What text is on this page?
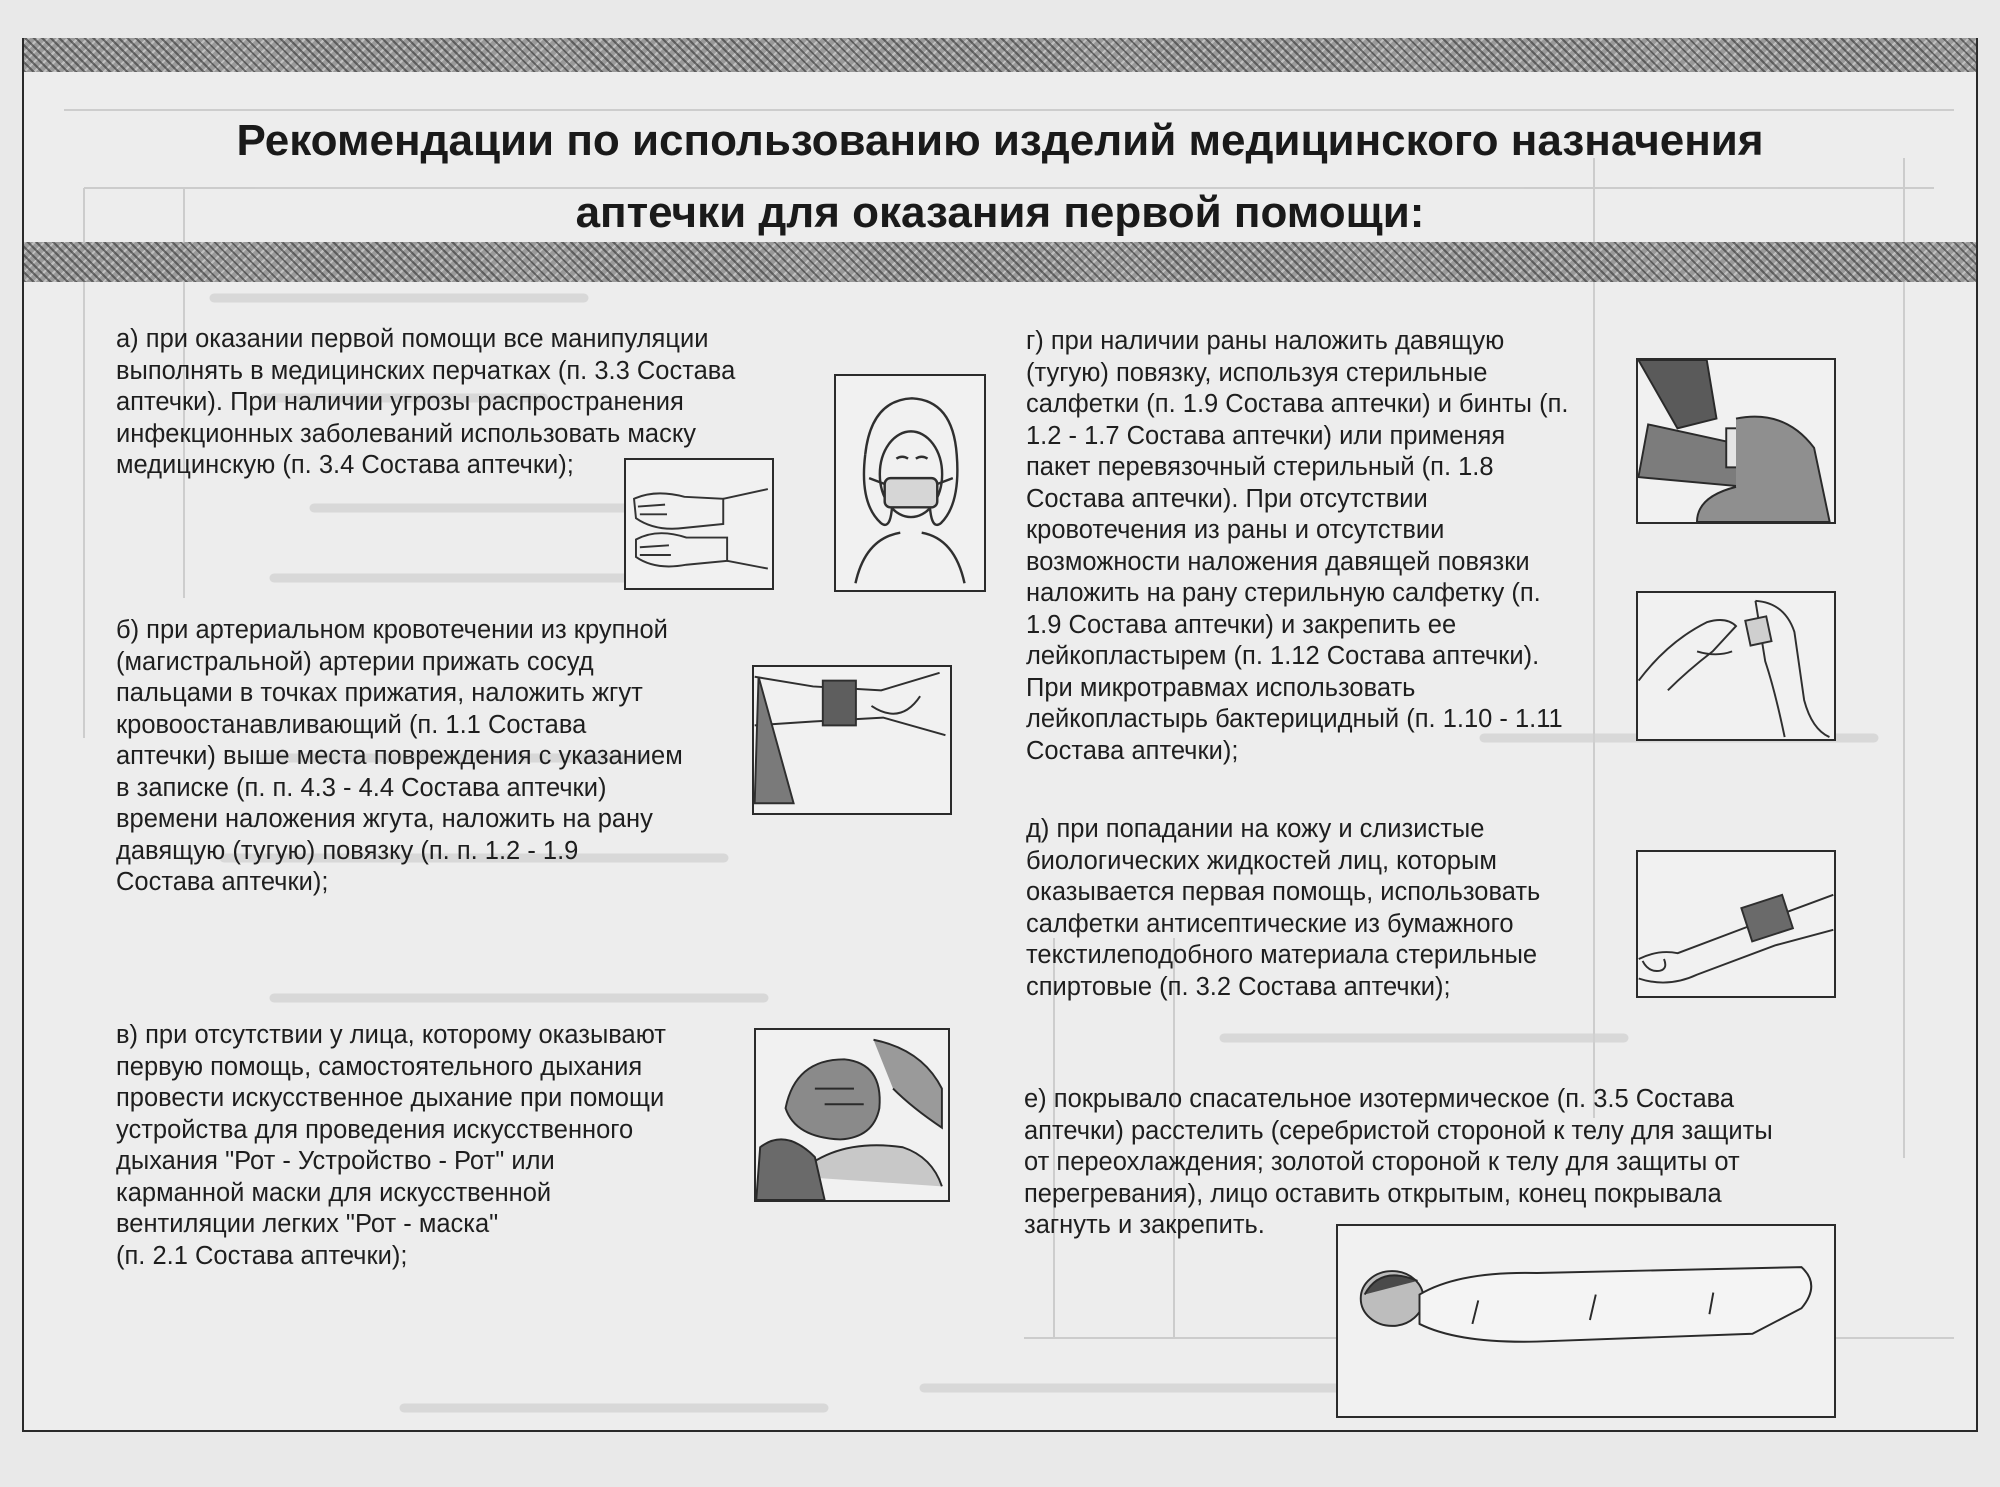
Рекомендации по использованию изделий медицинского назначения
аптечки для оказания первой помощи:

а) при оказании первой помощи все манипуляции
выполнять в медицинских перчатках (п. 3.3 Состава
аптечки). При наличии угрозы распространения
инфекционных заболеваний использовать маску
медицинскую (п. 3.4 Состава аптечки);

б) при артериальном кровотечении из крупной
(магистральной) артерии прижать сосуд
пальцами в точках прижатия, наложить жгут
кровоостанавливающий (п. 1.1 Состава
аптечки) выше места повреждения с указанием
в записке (п. п. 4.3 - 4.4 Состава аптечки)
времени наложения жгута, наложить на рану
давящую (тугую) повязку (п. п. 1.2 - 1.9
Состава аптечки);

в) при отсутствии у лица, которому оказывают
первую помощь, самостоятельного дыхания
провести искусственное дыхание при помощи
устройства для проведения искусственного
дыхания "Рот - Устройство - Рот" или
карманной маски для искусственной
вентиляции легких "Рот - маска"
(п. 2.1 Состава аптечки);

г) при наличии раны наложить давящую
(тугую) повязку, используя стерильные
салфетки (п. 1.9 Состава аптечки) и бинты (п.
1.2 - 1.7 Состава аптечки) или применяя
пакет перевязочный стерильный (п. 1.8
Состава аптечки). При отсутствии
кровотечения из раны и отсутствии
возможности наложения давящей повязки
наложить на рану стерильную салфетку (п.
1.9 Состава аптечки) и закрепить ее
лейкопластырем (п. 1.12 Состава аптечки).
При микротравмах использовать
лейкопластырь бактерицидный (п. 1.10 - 1.11
Состава аптечки);

д) при попадании на кожу и слизистые
биологических жидкостей лиц, которым
оказывается первая помощь, использовать
салфетки антисептические из бумажного
текстилеподобного материала стерильные
спиртовые (п. 3.2 Состава аптечки);

е) покрывало спасательное изотермическое (п. 3.5 Состава
аптечки) расстелить (серебристой стороной к телу для защиты
от переохлаждения; золотой стороной к телу для защиты от
перегревания), лицо оставить открытым, конец покрывала
загнуть и закрепить.
